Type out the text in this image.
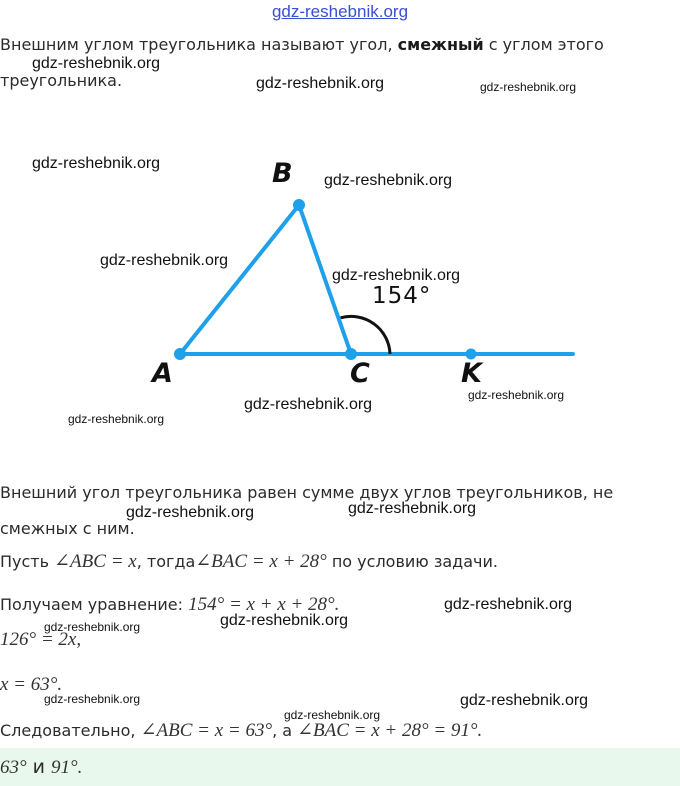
gdz-reshebnik.org
Внешним углом треугольника называют угол, смежный с углом этого
треугольника.
A
B
C	K
154°
Внешний угол треугольника равен сумме двух углов треугольников, не
смежных с ним.
Пусть ∠ABC = x, тогда∠BAC = x + 28° по условию задачи.
Получаем уравнение: 154° = x + x + 28°.
126° = 2x,
x = 63°.
Следовательно, ∠ABC = x = 63°, а ∠BAC = x + 28° = 91°.
63° и 91°.
gdz-reshebnik.org
gdz-reshebnik.org	gdz-reshebnik.org
gdz-reshebnik.org
gdz-reshebnik.org
gdz-reshebnik.org
gdz-reshebnik.org
gdz-reshebnik.org
gdz-reshebnik.org
gdz-reshebnik.org
gdz-reshebnik.org	gdz-reshebnik.org
gdz-reshebnik.org
gdz-reshebnik.org	gdz-reshebnik.org
gdz-reshebnik.org	gdz-reshebnik.org
gdz-reshebnik.org
